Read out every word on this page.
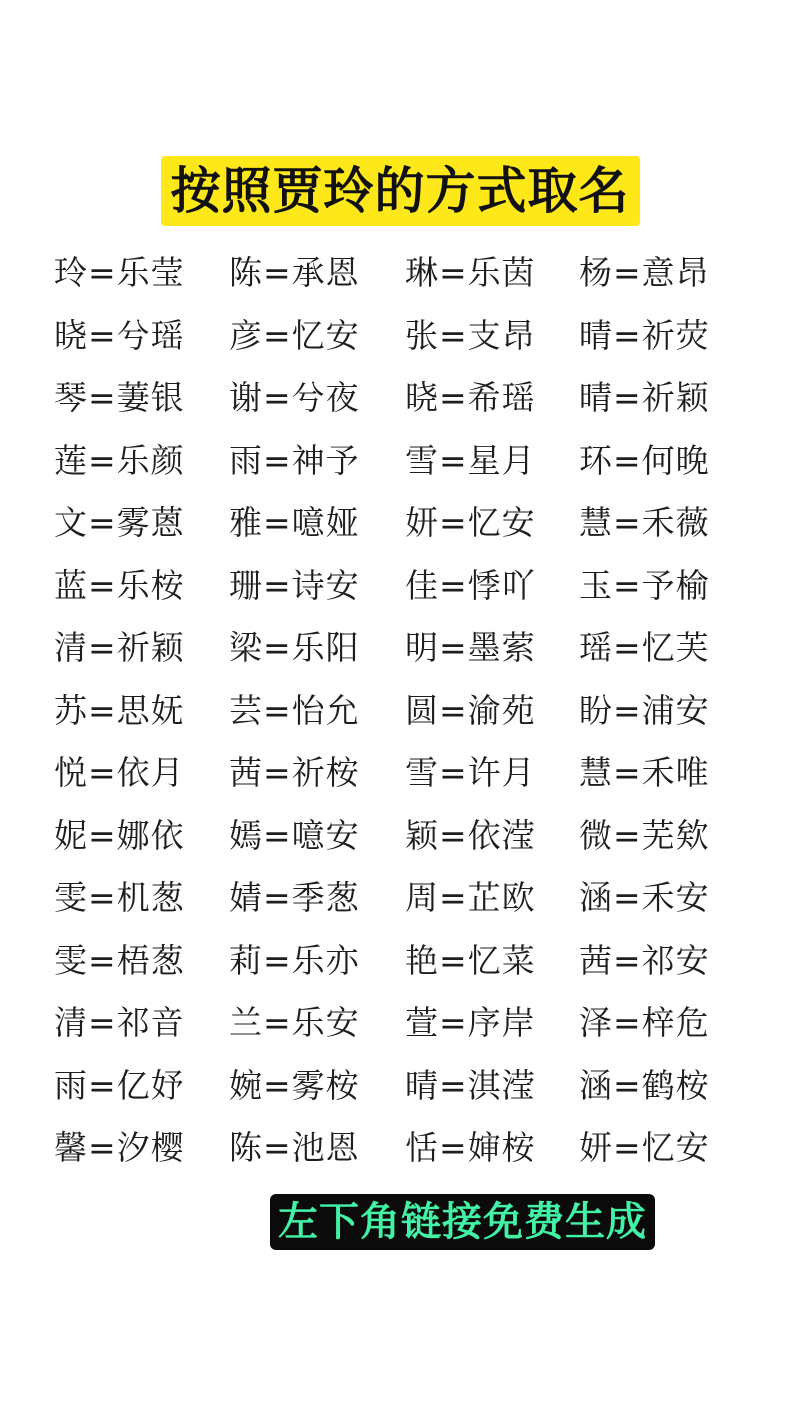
按照贾玲的方式取名
玲=乐莹	陈=承恩	琳=乐茵	杨=意昂
晓=兮瑶	彦=忆安	张=支昂	晴=祈荧
琴=萋银	谢=兮夜	晓=希瑶	晴=祈颖
莲=乐颜	雨=神予	雪=星月	环=何晚
文=雾蒽	雅=噫娅	妍=忆安	慧=禾薇
蓝=乐桉	珊=诗安	佳=悸吖	玉=予榆
清=祈颖	梁=乐阳	明=墨萦	瑶=忆芙
苏=思妩	芸=怡允	圆=渝苑	盼=浦安
悦=依月	茜=祈桉	雪=许月	慧=禾唯
妮=娜依	嫣=噫安	颖=依滢	微=芜欸
雯=机葱	婧=季葱	周=芷欧	涵=禾安
雯=梧葱	莉=乐亦	艳=忆菜	茜=祁安
清=祁音	兰=乐安	萱=序岸	泽=梓危
雨=亿妤	婉=雾桉	晴=淇滢	涵=鹤桉
馨=汐樱	陈=池恩	恬=婶桉	妍=忆安
左下角链接免费生成
